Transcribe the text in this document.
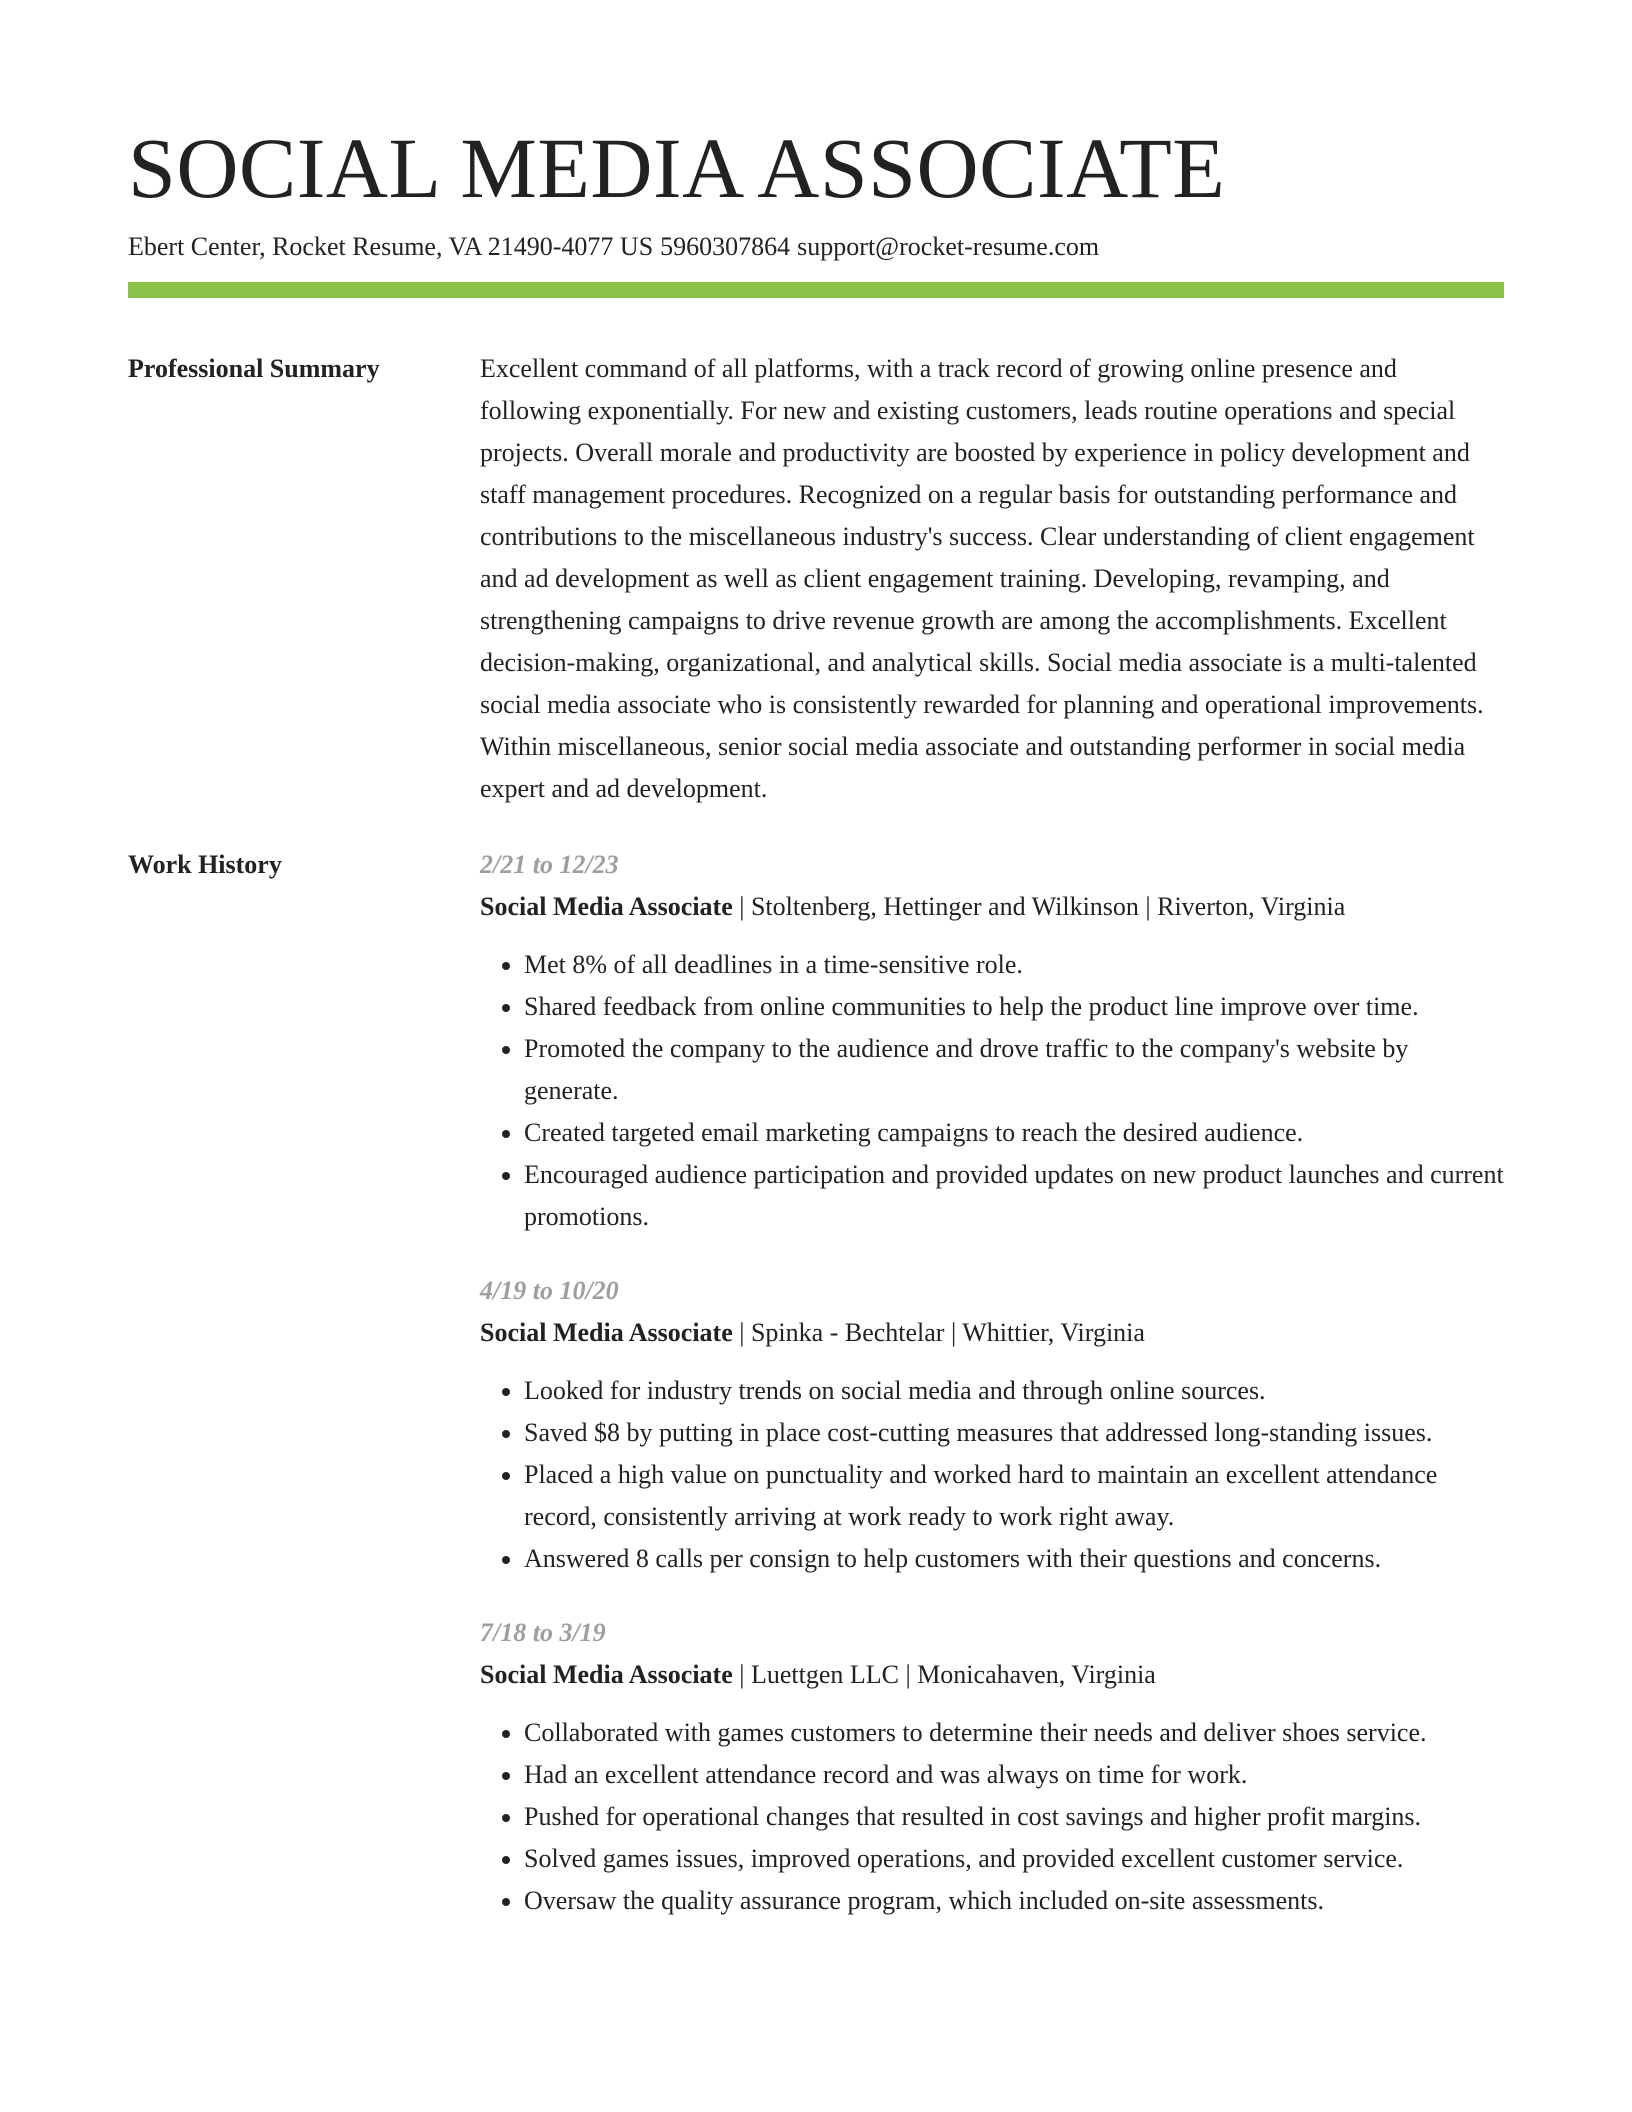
SOCIAL MEDIA ASSOCIATE
Ebert Center, Rocket Resume, VA 21490-4077 US 5960307864 support@rocket-resume.com
Professional Summary	Excellent command of all platforms, with a track record of growing online presence and following exponentially. For new and existing customers, leads routine operations and special projects. Overall morale and productivity are boosted by experience in policy development and staff management procedures. Recognized on a regular basis for outstanding performance and contributions to the miscellaneous industry's success. Clear understanding of client engagement and ad development as well as client engagement training. Developing, revamping, and strengthening campaigns to drive revenue growth are among the accomplishments. Excellent decision-making, organizational, and analytical skills. Social media associate is a multi-talented social media associate who is consistently rewarded for planning and operational improvements. Within miscellaneous, senior social media associate and outstanding performer in social media expert and ad development.

Work History	2/21 to 12/23
Social Media Associate | Stoltenberg, Hettinger and Wilkinson | Riverton, Virginia
• Met 8% of all deadlines in a time-sensitive role.
• Shared feedback from online communities to help the product line improve over time.
• Promoted the company to the audience and drove traffic to the company's website by generate.
• Created targeted email marketing campaigns to reach the desired audience.
• Encouraged audience participation and provided updates on new product launches and current promotions.
4/19 to 10/20
Social Media Associate | Spinka - Bechtelar | Whittier, Virginia
• Looked for industry trends on social media and through online sources.
• Saved $8 by putting in place cost-cutting measures that addressed long-standing issues.
• Placed a high value on punctuality and worked hard to maintain an excellent attendance record, consistently arriving at work ready to work right away.
• Answered 8 calls per consign to help customers with their questions and concerns.
7/18 to 3/19
Social Media Associate | Luettgen LLC | Monicahaven, Virginia
• Collaborated with games customers to determine their needs and deliver shoes service.
• Had an excellent attendance record and was always on time for work.
• Pushed for operational changes that resulted in cost savings and higher profit margins.
• Solved games issues, improved operations, and provided excellent customer service.
• Oversaw the quality assurance program, which included on-site assessments.
